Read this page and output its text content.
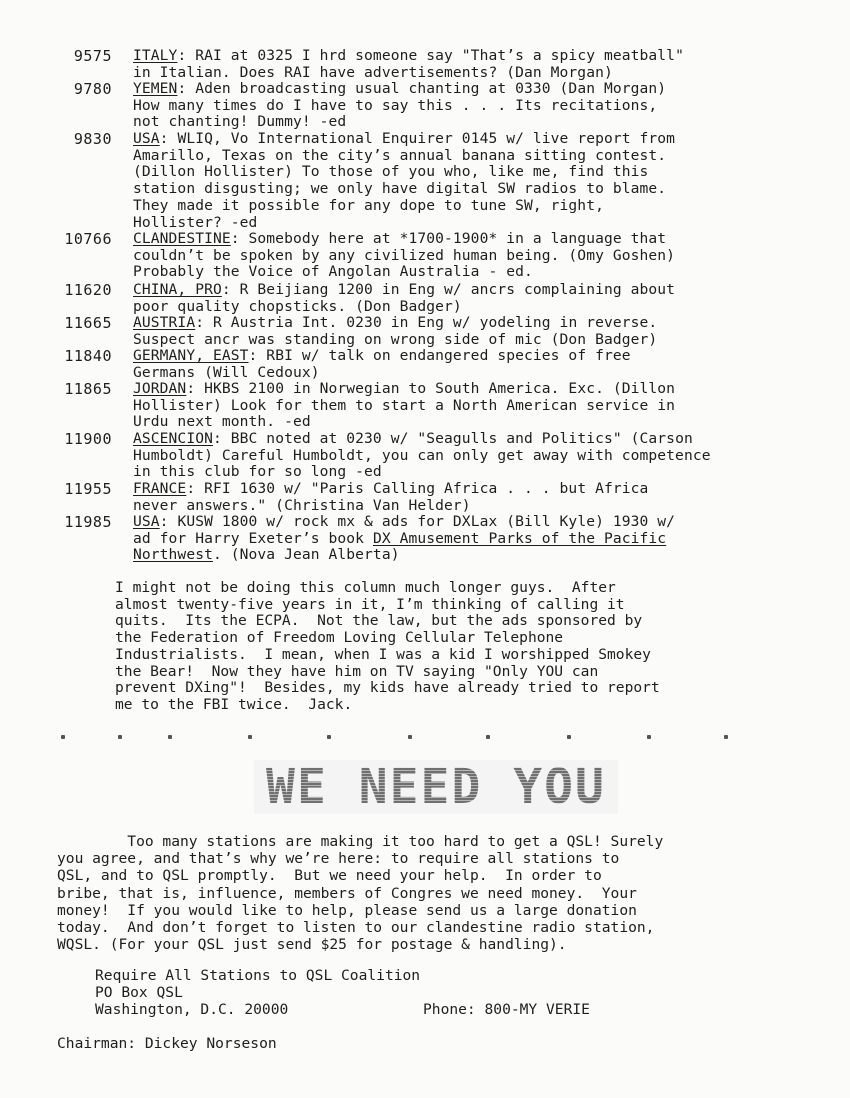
9575 ITALY: RAI at 0325 I hrd someone say "That’s a spicy meatball"
in Italian. Does RAI have advertisements? (Dan Morgan)
9780 YEMEN: Aden broadcasting usual chanting at 0330 (Dan Morgan)
How many times do I have to say this . . . Its recitations,
not chanting! Dummy! -ed
9830 USA: WLIQ, Vo International Enquirer 0145 w/ live report from
Amarillo, Texas on the city’s annual banana sitting contest.
(Dillon Hollister) To those of you who, like me, find this
station disgusting; we only have digital SW radios to blame.
They made it possible for any dope to tune SW, right,
Hollister? -ed
10766 CLANDESTINE: Somebody here at *1700-1900* in a language that
couldn’t be spoken by any civilized human being. (Omy Goshen)
Probably the Voice of Angolan Australia - ed.
11620 CHINA, PRO: R Beijiang 1200 in Eng w/ ancrs complaining about
poor quality chopsticks. (Don Badger)
11665 AUSTRIA: R Austria Int. 0230 in Eng w/ yodeling in reverse.
Suspect ancr was standing on wrong side of mic (Don Badger)
11840 GERMANY, EAST: RBI w/ talk on endangered species of free
Germans (Will Cedoux)
11865 JORDAN: HKBS 2100 in Norwegian to South America. Exc. (Dillon
Hollister) Look for them to start a North American service in
Urdu next month. -ed
11900 ASCENCION: BBC noted at 0230 w/ "Seagulls and Politics" (Carson
Humboldt) Careful Humboldt, you can only get away with competence
in this club for so long -ed
11955 FRANCE: RFI 1630 w/ "Paris Calling Africa . . . but Africa
never answers." (Christina Van Helder)
11985 USA: KUSW 1800 w/ rock mx & ads for DXLax (Bill Kyle) 1930 w/
ad for Harry Exeter’s book DX Amusement Parks of the Pacific
Northwest. (Nova Jean Alberta)
I might not be doing this column much longer guys.  After
almost twenty-five years in it, I’m thinking of calling it
quits.  Its the ECPA.  Not the law, but the ads sponsored by
the Federation of Freedom Loving Cellular Telephone
Industrialists.  I mean, when I was a kid I worshipped Smokey
the Bear!  Now they have him on TV saying "Only YOU can
prevent DXing"!  Besides, my kids have already tried to report
me to the FBI twice.  Jack.
WE NEED YOU
Too many stations are making it too hard to get a QSL! Surely
you agree, and that’s why we’re here: to require all stations to
QSL, and to QSL promptly.  But we need your help.  In order to
bribe, that is, influence, members of Congres we need money.  Your
money!  If you would like to help, please send us a large donation
today.  And don’t forget to listen to our clandestine radio station,
WQSL. (For your QSL just send $25 for postage & handling).
Require All Stations to QSL Coalition
PO Box QSL
Washington, D.C. 20000	Phone: 800-MY VERIE
Chairman: Dickey Norseson
